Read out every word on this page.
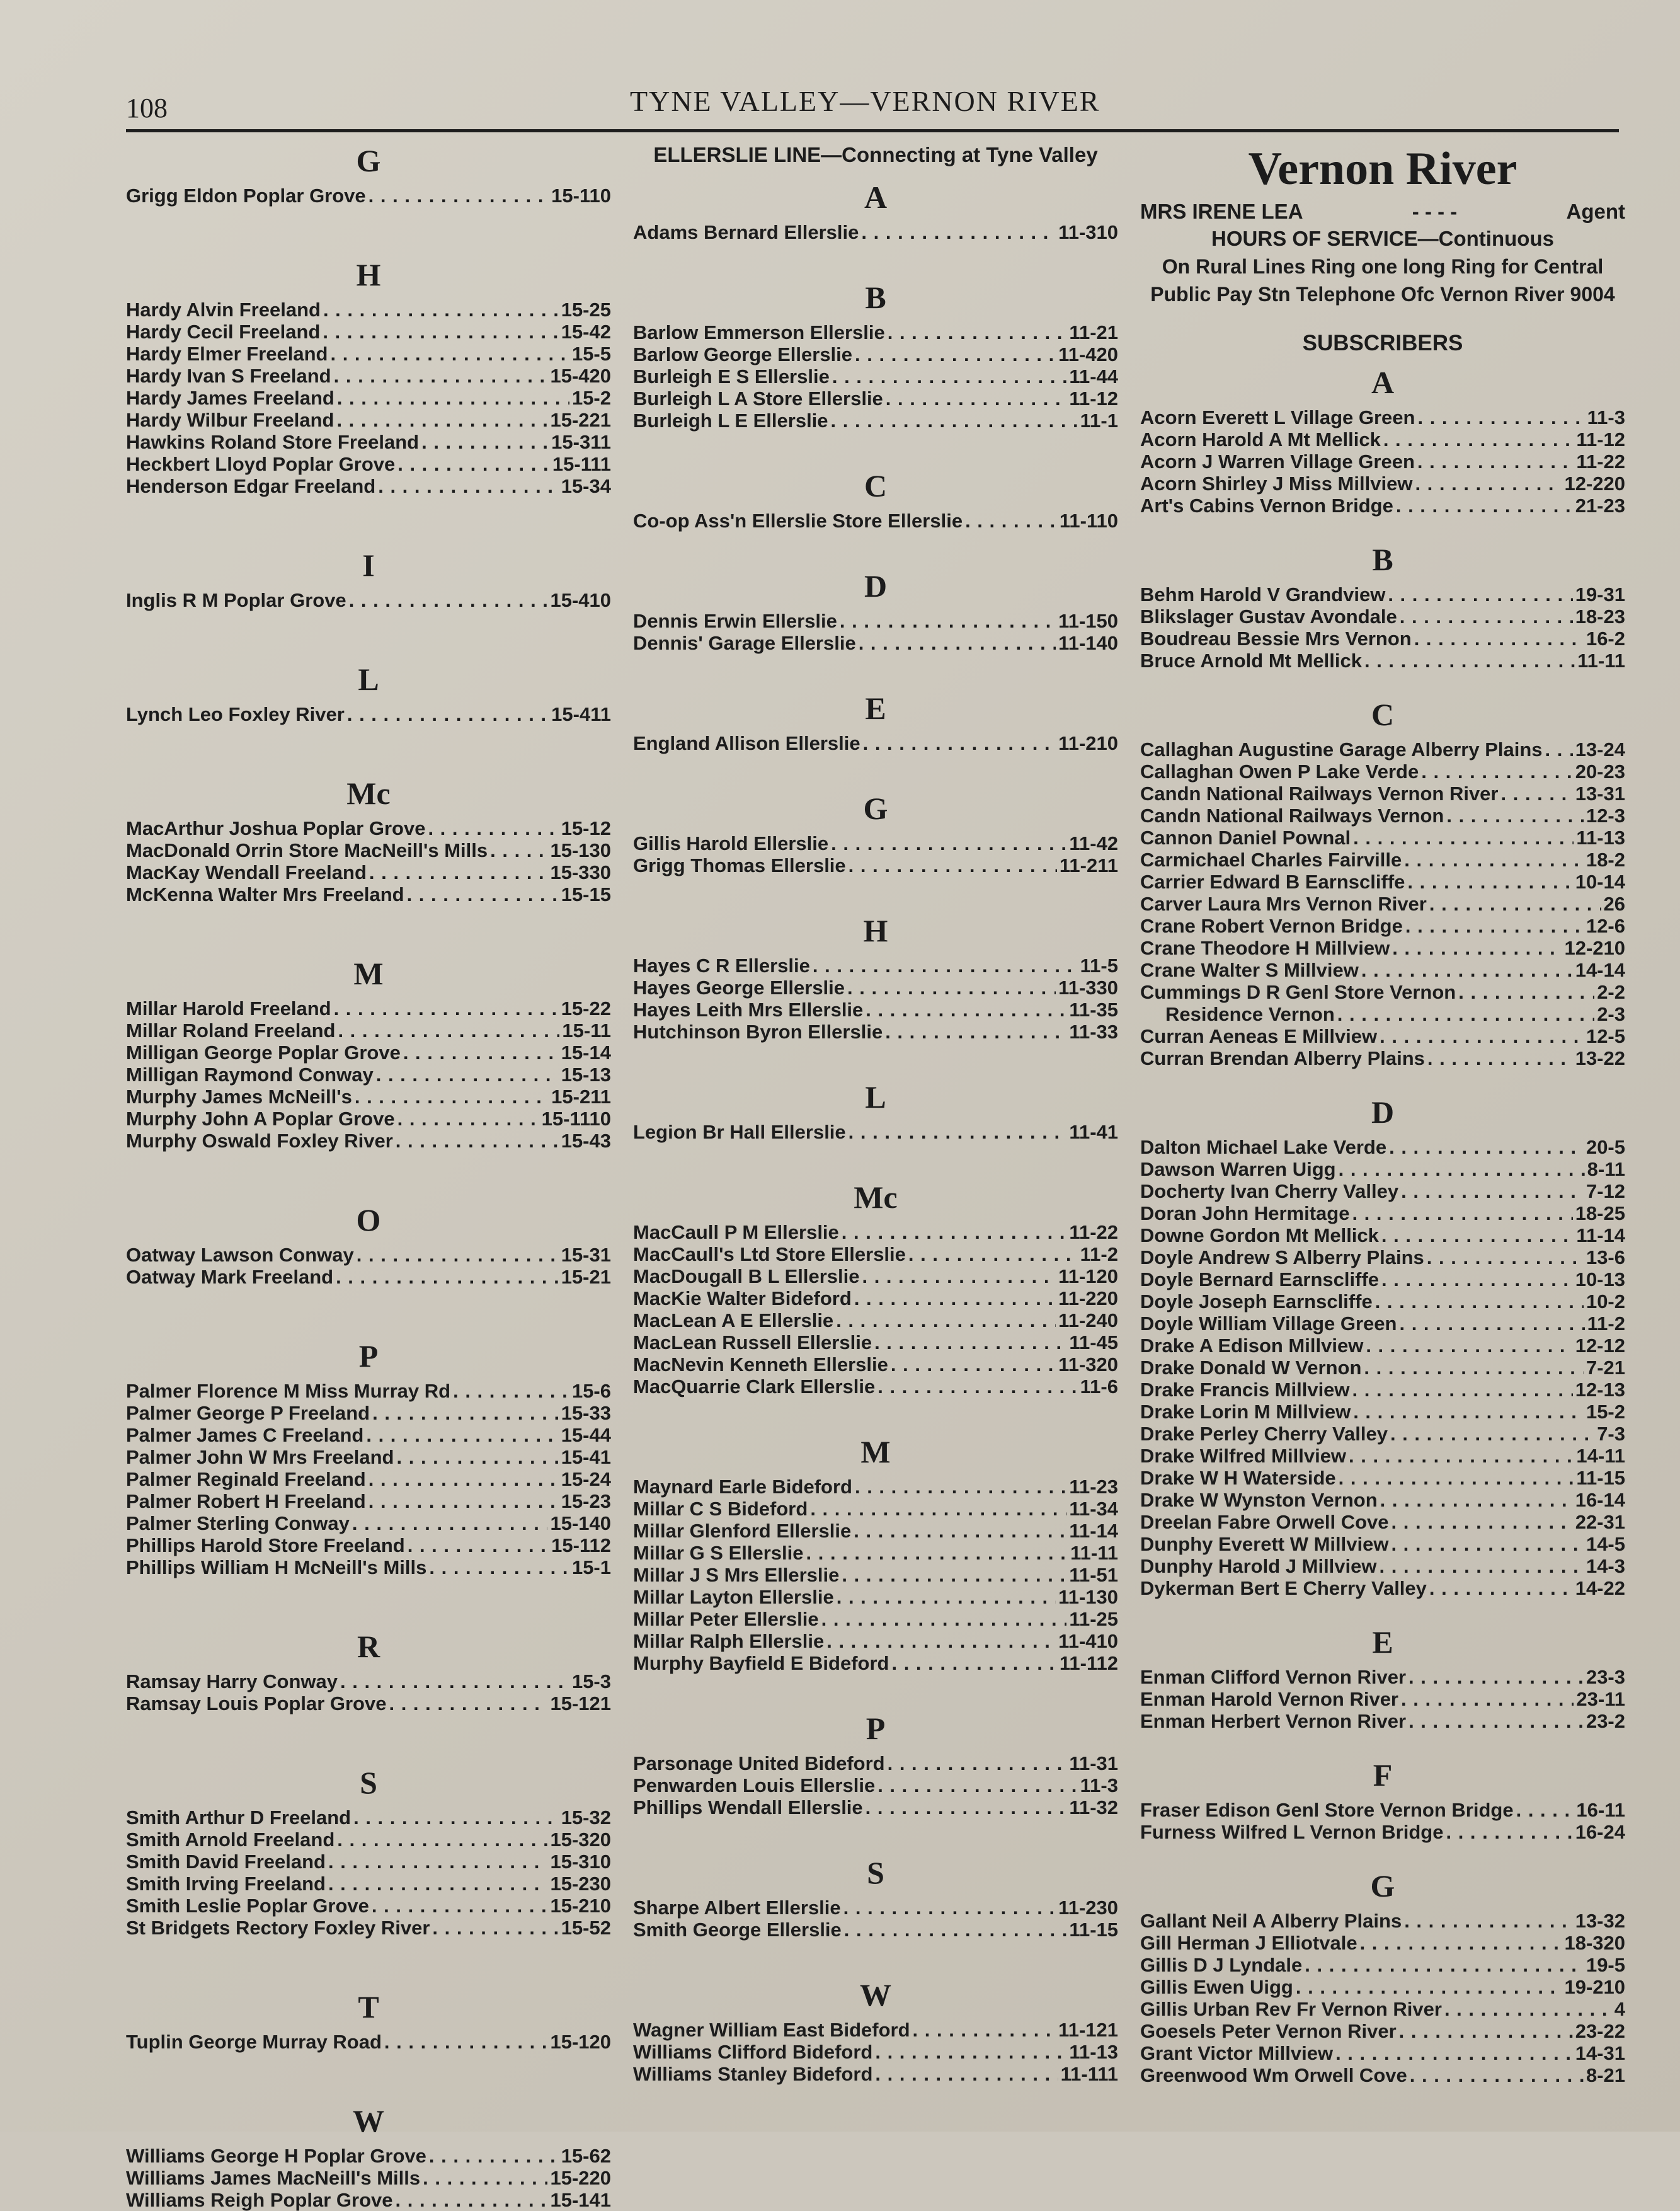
108	TYNE VALLEY—VERNON RIVER
G
Grigg Eldon Poplar Grove . . .	15-110
H
Hardy Alvin Freeland . . .	15-25
Hardy Cecil Freeland . . .	15-42
Hardy Elmer Freeland . . .	15-5
Hardy Ivan S Freeland . . .	15-420
Hardy James Freeland . . .	15-2
Hardy Wilbur Freeland . . .	15-221
Hawkins Roland Store Freeland . . .	15-311
Heckbert Lloyd Poplar Grove . . .	15-111
Henderson Edgar Freeland . . .	15-34
I
Inglis R M Poplar Grove . . .	15-410
L
Lynch Leo Foxley River . . .	15-411
Mc
MacArthur Joshua Poplar Grove . . .	15-12
MacDonald Orrin Store MacNeill's Mills . . .	15-130
MacKay Wendall Freeland . . .	15-330
McKenna Walter Mrs Freeland . . .	15-15
M
Millar Harold Freeland . . .	15-22
Millar Roland Freeland . . .	15-11
Milligan George Poplar Grove . . .	15-14
Milligan Raymond Conway . . .	15-13
Murphy James McNeill's . . .	15-211
Murphy John A Poplar Grove . . .	15-1110
Murphy Oswald Foxley River . . .	15-43
O
Oatway Lawson Conway . . .	15-31
Oatway Mark Freeland . . .	15-21
P
Palmer Florence M Miss Murray Rd . . .	15-6
Palmer George P Freeland . . .	15-33
Palmer James C Freeland . . .	15-44
Palmer John W Mrs Freeland . . .	15-41
Palmer Reginald Freeland . . .	15-24
Palmer Robert H Freeland . . .	15-23
Palmer Sterling Conway . . .	15-140
Phillips Harold Store Freeland . . .	15-112
Phillips William H McNeill's Mills . . .	15-1
R
Ramsay Harry Conway . . .	15-3
Ramsay Louis Poplar Grove . . .	15-121
S
Smith Arthur D Freeland . . .	15-32
Smith Arnold Freeland . . .	15-320
Smith David Freeland . . .	15-310
Smith Irving Freeland . . .	15-230
Smith Leslie Poplar Grove . . .	15-210
St Bridgets Rectory Foxley River . . .	15-52
T
Tuplin George Murray Road . . .	15-120
W
Williams George H Poplar Grove . . .	15-62
Williams James MacNeill's Mills . . .	15-220
Williams Reigh Poplar Grove . . .	15-141
ELLERSLIE LINE—Connecting at Tyne Valley
A
Adams Bernard Ellerslie . . .	11-310
B
Barlow Emmerson Ellerslie . . .	11-21
Barlow George Ellerslie . . .	11-420
Burleigh E S Ellerslie . . .	11-44
Burleigh L A Store Ellerslie . . .	11-12
Burleigh L E Ellerslie . . .	11-1
C
Co-op Ass'n Ellerslie Store Ellerslie . . .	11-110
D
Dennis Erwin Ellerslie . . .	11-150
Dennis' Garage Ellerslie . . .	11-140
E
England Allison Ellerslie . . .	11-210
G
Gillis Harold Ellerslie . . .	11-42
Grigg Thomas Ellerslie . . .	11-211
H
Hayes C R Ellerslie . . .	11-5
Hayes George Ellerslie . . .	11-330
Hayes Leith Mrs Ellerslie . . .	11-35
Hutchinson Byron Ellerslie . . .	11-33
L
Legion Br Hall Ellerslie . . .	11-41
Mc
MacCaull P M Ellerslie . . .	11-22
MacCaull's Ltd Store Ellerslie . . .	11-2
MacDougall B L Ellerslie . . .	11-120
MacKie Walter Bideford . . .	11-220
MacLean A E Ellerslie . . .	11-240
MacLean Russell Ellerslie . . .	11-45
MacNevin Kenneth Ellerslie . . .	11-320
MacQuarrie Clark Ellerslie . . .	11-6
M
Maynard Earle Bideford . . .	11-23
Millar C S Bideford . . .	11-34
Millar Glenford Ellerslie . . .	11-14
Millar G S Ellerslie . . .	11-11
Millar J S Mrs Ellerslie . . .	11-51
Millar Layton Ellerslie . . .	11-130
Millar Peter Ellerslie . . .	11-25
Millar Ralph Ellerslie . . .	11-410
Murphy Bayfield E Bideford . . .	11-112
P
Parsonage United Bideford . . .	11-31
Penwarden Louis Ellerslie . . .	11-3
Phillips Wendall Ellerslie . . .	11-32
S
Sharpe Albert Ellerslie . . .	11-230
Smith George Ellerslie . . .	11-15
W
Wagner William East Bideford . . .	11-121
Williams Clifford Bideford . . .	11-13
Williams Stanley Bideford . . .	11-111
Vernon River
MRS IRENE LEA	- - - -	Agent
HOURS OF SERVICE—Continuous
On Rural Lines Ring one long Ring for Central
Public Pay Stn Telephone Ofc Vernon River 9004
SUBSCRIBERS
A
Acorn Everett L Village Green . . .	11-3
Acorn Harold A Mt Mellick . . .	11-12
Acorn J Warren Village Green . . .	11-22
Acorn Shirley J Miss Millview . . .	12-220
Art's Cabins Vernon Bridge . . .	21-23
B
Behm Harold V Grandview . . .	19-31
Blikslager Gustav Avondale . . .	18-23
Boudreau Bessie Mrs Vernon . . .	16-2
Bruce Arnold Mt Mellick . . .	11-11
C
Callaghan Augustine Garage Alberry Plains . . . 13-24
Callaghan Owen P Lake Verde . . .	20-23
Candn National Railways Vernon River . . .	13-31
Candn National Railways Vernon . . .	12-3
Cannon Daniel Pownal . . .	11-13
Carmichael Charles Fairville . . .	18-2
Carrier Edward B Earnscliffe . . .	10-14
Carver Laura Mrs Vernon River . . .	26
Crane Robert Vernon Bridge . . .	12-6
Crane Theodore H Millview . . .	12-210
Crane Walter S Millview . . .	14-14
Cummings D R Genl Store Vernon . . .	2-2
Residence Vernon . . .	2-3
Curran Aeneas E Millview . . .	12-5
Curran Brendan Alberry Plains . . .	13-22
D
Dalton Michael Lake Verde . . .	20-5
Dawson Warren Uigg . . .	8-11
Docherty Ivan Cherry Valley . . .	7-12
Doran John Hermitage . . .	18-25
Downe Gordon Mt Mellick . . .	11-14
Doyle Andrew S Alberry Plains . . .	13-6
Doyle Bernard Earnscliffe . . .	10-13
Doyle Joseph Earnscliffe . . .	10-2
Doyle William Village Green . . .	11-2
Drake A Edison Millview . . .	12-12
Drake Donald W Vernon . . .	7-21
Drake Francis Millview . . .	12-13
Drake Lorin M Millview . . .	15-2
Drake Perley Cherry Valley . . .	7-3
Drake Wilfred Millview . . .	14-11
Drake W H Waterside . . .	11-15
Drake W Wynston Vernon . . .	16-14
Dreelan Fabre Orwell Cove . . .	22-31
Dunphy Everett W Millview . . .	14-5
Dunphy Harold J Millview . . .	14-3
Dykerman Bert E Cherry Valley . . .	14-22
E
Enman Clifford Vernon River . . .	23-3
Enman Harold Vernon River . . .	23-11
Enman Herbert Vernon River . . .	23-2
F
Fraser Edison Genl Store Vernon Bridge . . .	16-11
Furness Wilfred L Vernon Bridge . . .	16-24
G
Gallant Neil A Alberry Plains . . .	13-32
Gill Herman J Elliotvale . . .	18-320
Gillis D J Lyndale . . .	19-5
Gillis Ewen Uigg . . .	19-210
Gillis Urban Rev Fr Vernon River . . .	4
Goesels Peter Vernon River . . .	23-22
Grant Victor Millview . . .	14-31
Greenwood Wm Orwell Cove . . .	8-21
